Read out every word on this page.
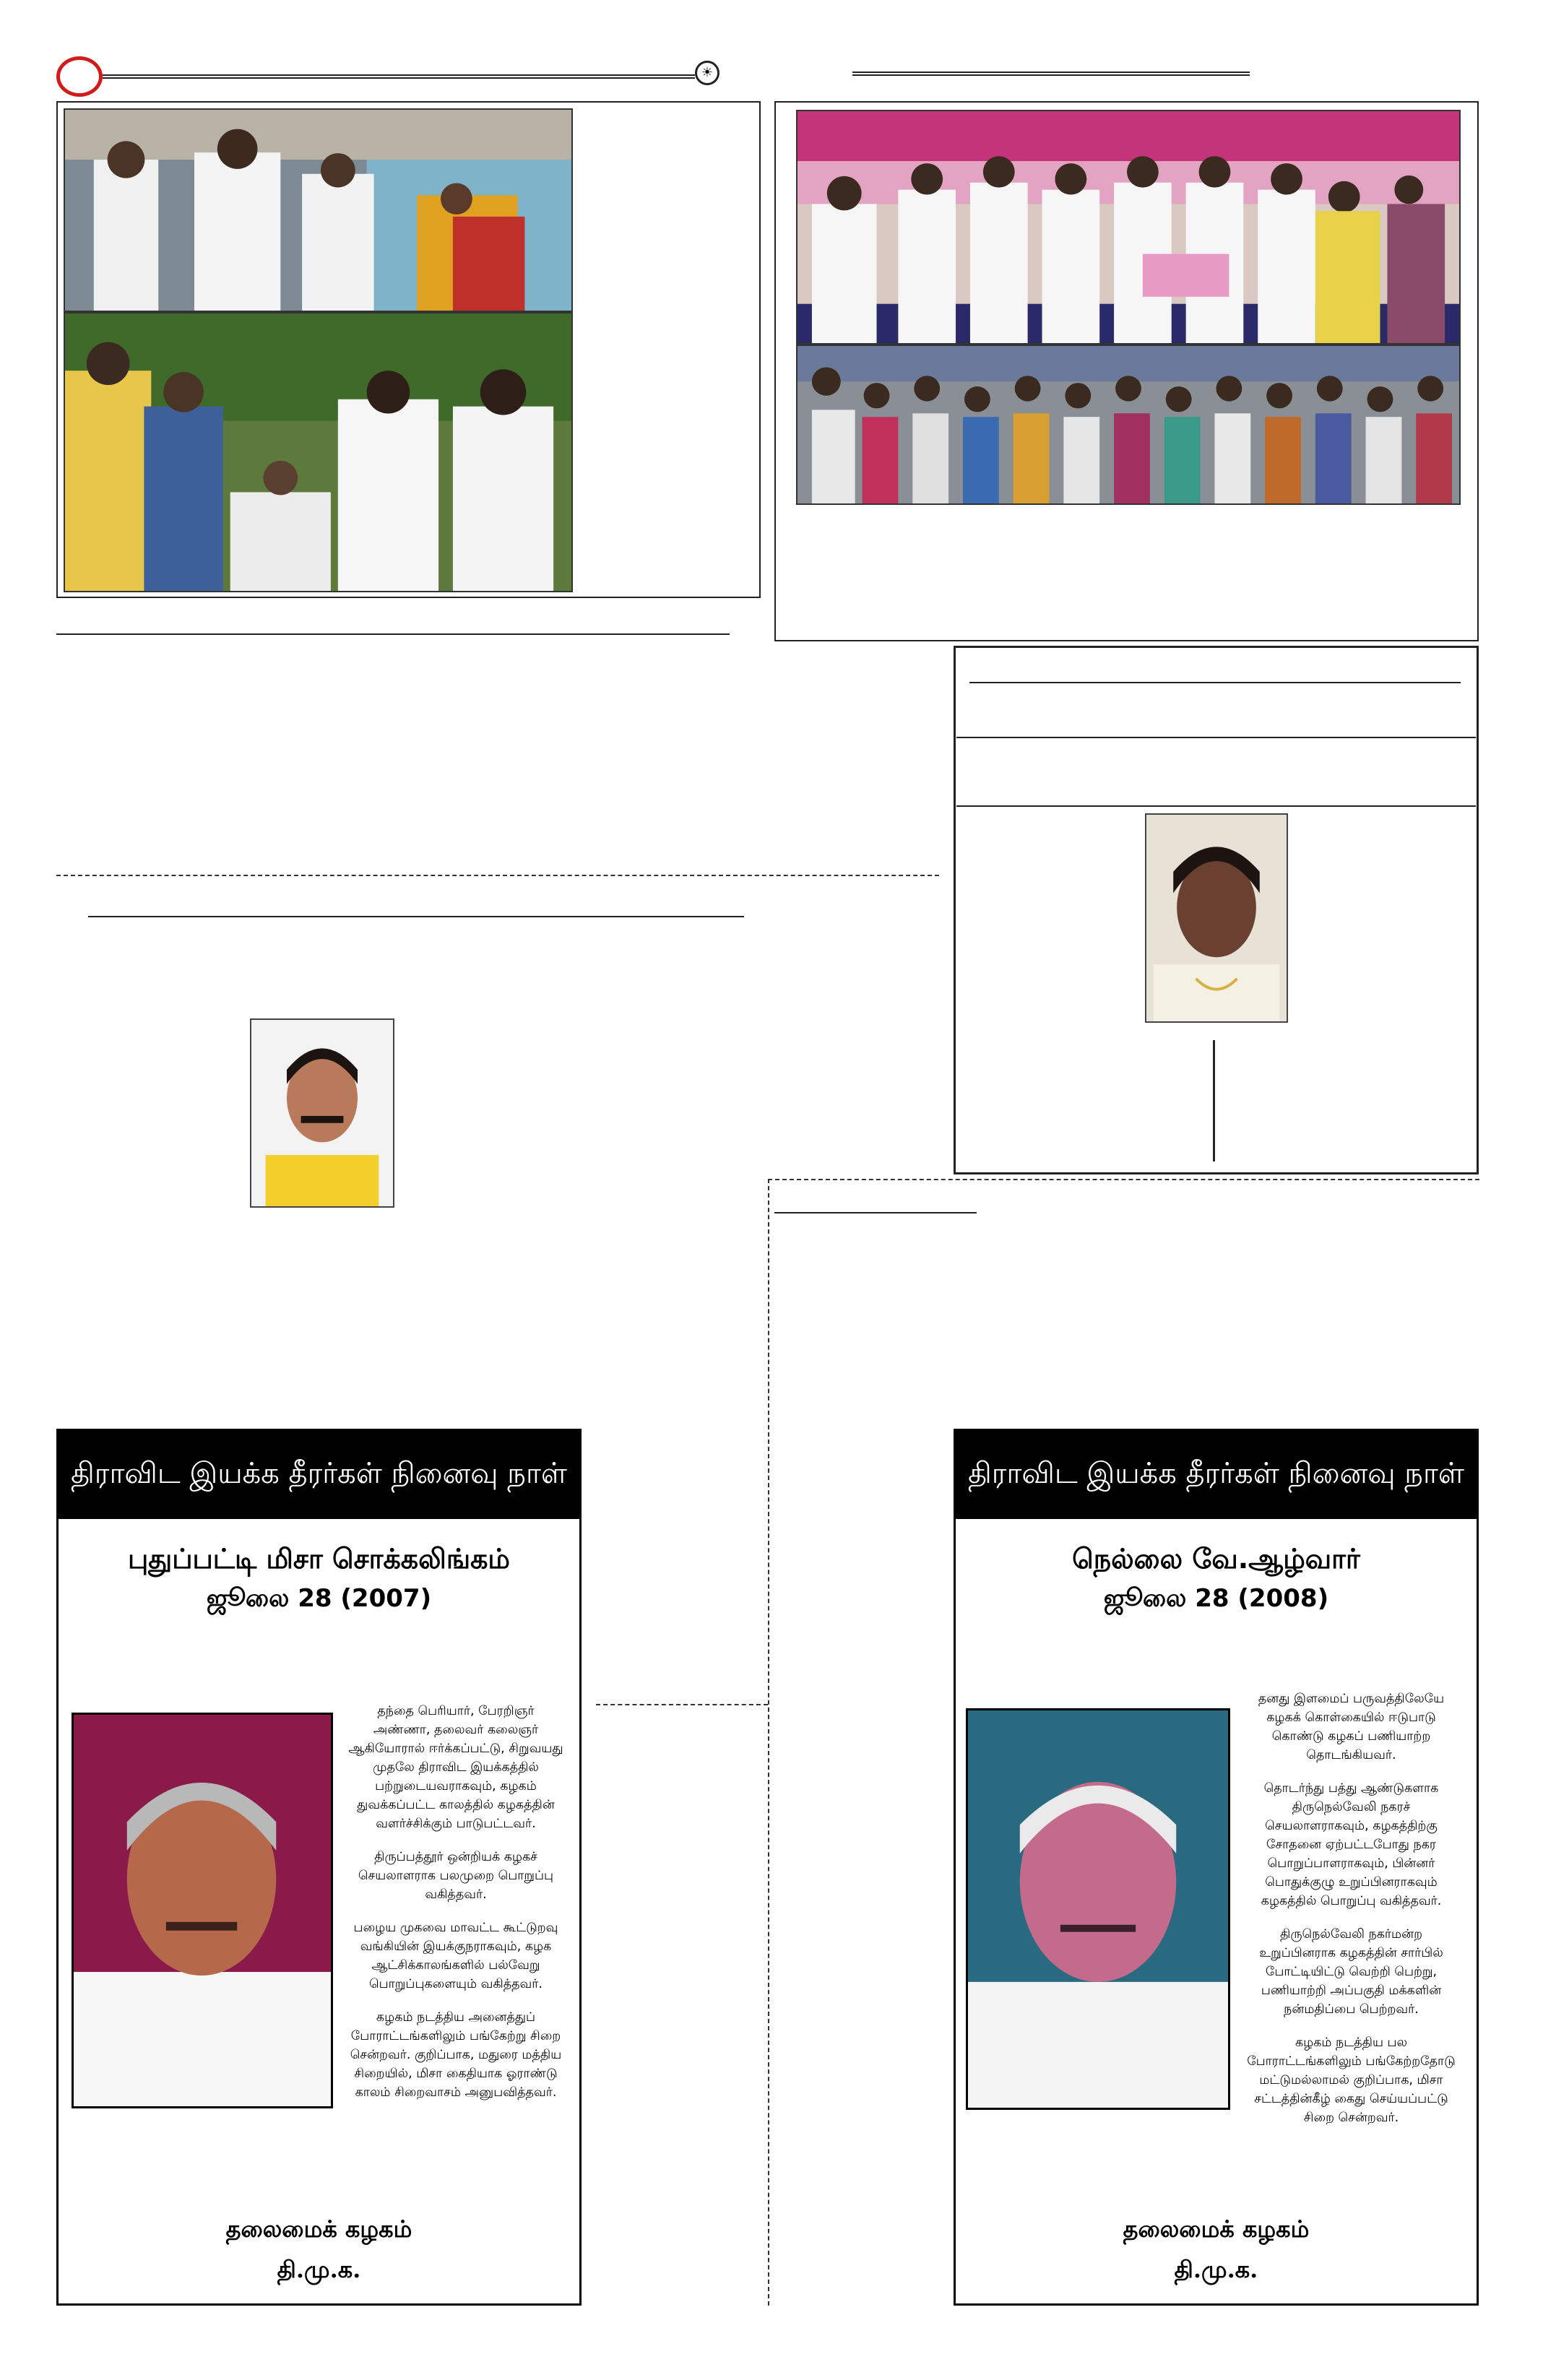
☀
திராவிட இயக்க தீரர்கள் நினைவு நாள்
புதுப்பட்டி மிசா சொக்கலிங்கம்
ஜூலை 28 (2007)

தந்தை பெரியார், பேரறிஞர் அண்ணா, தலைவர் கலைஞர் ஆகியோரால் ஈர்க்கப்பட்டு, சிறுவயது முதலே திராவிட இயக்கத்தில் பற்றுடையவராகவும், கழகம் துவக்கப்பட்ட காலத்தில் கழகத்தின் வளர்ச்சிக்கும் பாடுபட்டவர்.

திருப்பத்தூர் ஒன்றியக் கழகச் செயலாளராக பலமுறை பொறுப்பு வகித்தவர்.

பழைய முகவை மாவட்ட கூட்டுறவு வங்கியின் இயக்குநராகவும், கழக ஆட்சிக்காலங்களில் பல்வேறு பொறுப்புகளையும் வகித்தவர்.

கழகம் நடத்திய அனைத்துப் போராட்டங்களிலும் பங்கேற்று சிறை சென்றவர். குறிப்பாக, மதுரை மத்திய சிறையில், மிசா கைதியாக ஓராண்டு காலம் சிறைவாசம் அனுபவித்தவர்.

தலைமைக் கழகம்
தி.மு.க.
திராவிட இயக்க தீரர்கள் நினைவு நாள்
நெல்லை வே.ஆழ்வார்
ஜூலை 28 (2008)

தனது இளமைப் பருவத்திலேயே கழகக் கொள்கையில் ஈடுபாடு கொண்டு கழகப் பணியாற்ற தொடங்கியவர்.

தொடர்ந்து பத்து ஆண்டுகளாக திருநெல்வேலி நகரச் செயலாளராகவும், கழகத்திற்கு சோதனை ஏற்பட்டபோது நகர பொறுப்பாளராகவும், பின்னர் பொதுக்குழு உறுப்பினராகவும் கழகத்தில் பொறுப்பு வகித்தவர்.

திருநெல்வேலி நகர்மன்ற உறுப்பினராக கழகத்தின் சார்பில் போட்டியிட்டு வெற்றி பெற்று, பணியாற்றி அப்பகுதி மக்களின் நன்மதிப்பை பெற்றவர்.

கழகம் நடத்திய பல போராட்டங்களிலும் பங்கேற்றதோடு மட்டுமல்லாமல் குறிப்பாக, மிசா சட்டத்தின்கீழ் கைது செய்யப்பட்டு சிறை சென்றவர்.

தலைமைக் கழகம்
தி.மு.க.
